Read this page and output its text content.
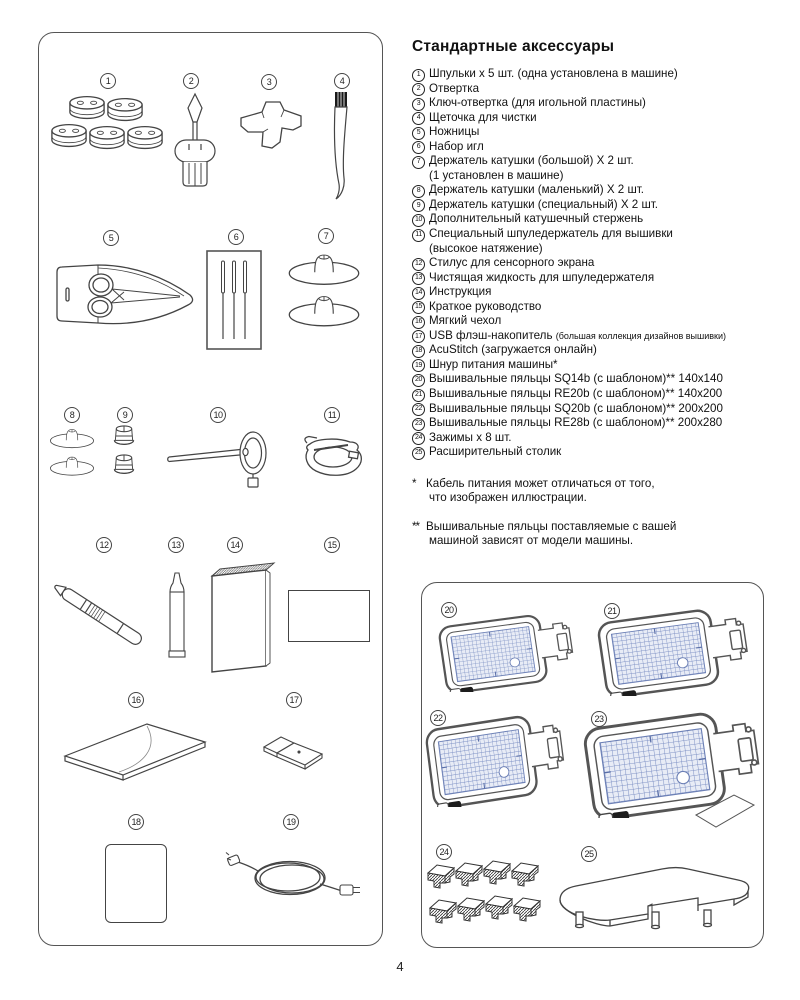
1	2	3	4
5	6	7
8	9	10	11
12	13	14	15
16	17
18	19
20	21
22	23
24	25
Стандартные аксессуары
1 Шпульки x 5 шт. (одна установлена в машине)
2 Отвертка
3 Ключ-отвертка (для игольной пластины)
4 Щеточка для чистки
5 Ножницы
6 Набор игл
7 Держатель катушки (большой) X 2 шт.
(1 установлен в машине)
8 Держатель катушки (маленький) X 2 шт.
9 Держатель катушки (специальный) X 2 шт.
10 Дополнительный катушечный стержень
11 Специальный шпуледержатель для вышивки
(высокое натяжение)
12 Стилус для сенсорного экрана
13 Чистящая жидкость для шпуледержателя
14 Инструкция
15 Краткое руководство
16 Мягкий чехол
17 USB флэш-накопитель (большая коллекция дизайнов вышивки)
18 AcuStitch (загружается онлайн)
19 Шнур питания машины*
20 Вышивальные пяльцы SQ14b (с шаблоном)** 140x140
21 Вышивальные пяльцы RE20b (с шаблоном)** 140x200
22 Вышивальные пяльцы SQ20b (с шаблоном)** 200x200
23 Вышивальные пяльцы RE28b (с шаблоном)** 200x280
24 Зажимы x 8 шт.
25 Расширительный столик
* Кабель питания может отличаться от того,
что изображен иллюстрации.
** Вышивальные пяльцы поставляемые с вашей
машиной зависят от модели машины.
4
